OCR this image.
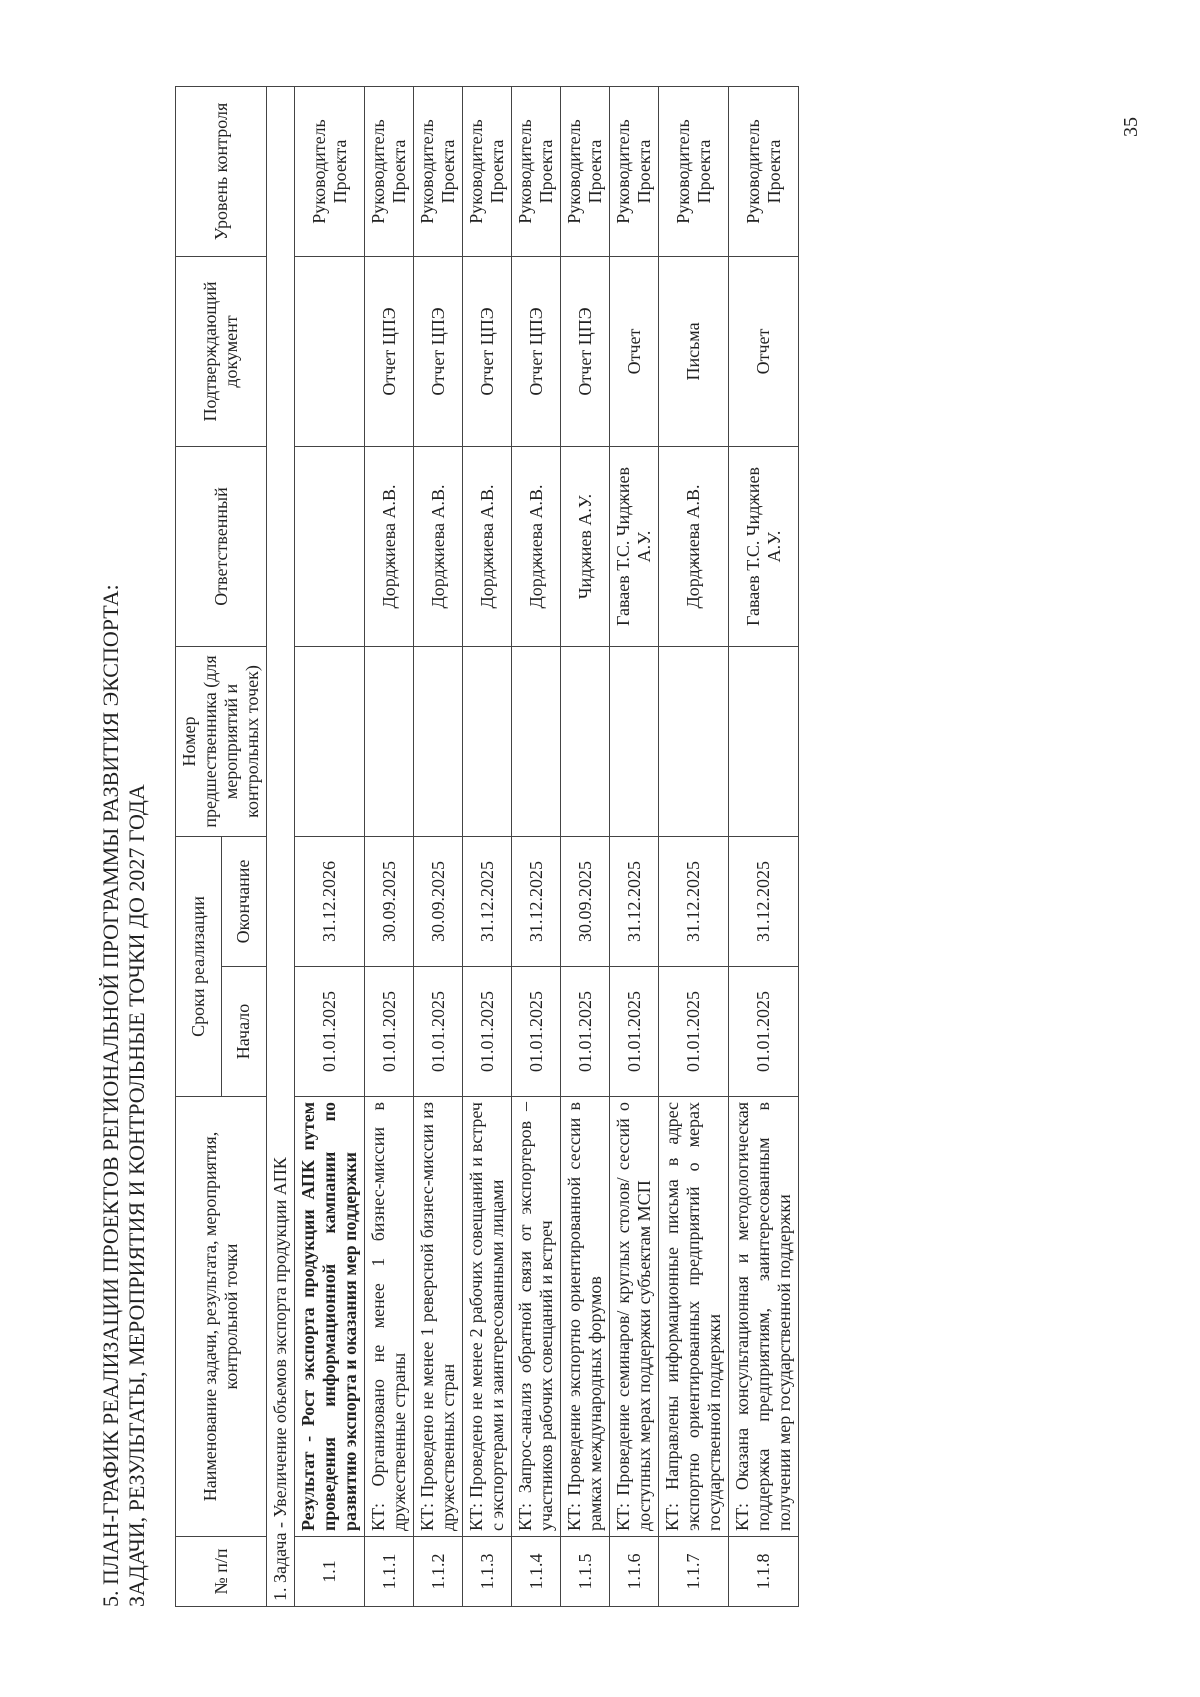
5. ПЛАН-ГРАФИК РЕАЛИЗАЦИИ ПРОЕКТОВ РЕГИОНАЛЬНОЙ ПРОГРАММЫ РАЗВИТИЯ ЭКСПОРТА: ЗАДАЧИ, РЕЗУЛЬТАТЫ, МЕРОПРИЯТИЯ И КОНТРОЛЬНЫЕ ТОЧКИ ДО 2027 ГОДА	№ п/п	Наименование задачи, результата, мероприятия, контрольной точки	Сроки реализации		Номер предшественника (для мероприятий и контрольных точек)	Ответственный	Подтверждающий документ	Уровень контроля
		Начало	Окончание				
1. Задача - Увеличение объемов экспорта продукции АПК							
1.1	Результат - Рост экспорта продукции АПК путем проведения информационной кампании по развитию экспорта и оказания мер поддержки	01.01.2025	31.12.2026				Руководитель Проекта
1.1.1	КТ: Организовано не менее 1 бизнес-миссии в дружественные страны	01.01.2025	30.09.2025		Дорджиева А.В.	Отчет ЦПЭ	Руководитель Проекта
1.1.2	КТ: Проведено не менее 1 реверсной бизнес-миссии из дружественных стран	01.01.2025	30.09.2025		Дорджиева А.В.	Отчет ЦПЭ	Руководитель Проекта
1.1.3	КТ: Проведено не менее 2 рабочих совещаний и встреч с экспортерами и заинтересованными лицами	01.01.2025	31.12.2025		Дорджиева А.В.	Отчет ЦПЭ	Руководитель Проекта
1.1.4	КТ: Запрос-анализ обратной связи от экспортеров – участников рабочих совещаний и встреч	01.01.2025	31.12.2025		Дорджиева А.В.	Отчет ЦПЭ	Руководитель Проекта
1.1.5	КТ: Проведение экспортно ориентированной сессии в рамках международных форумов	01.01.2025	30.09.2025		Чиджиев А.У.	Отчет ЦПЭ	Руководитель Проекта
1.1.6	КТ: Проведение семинаров/ круглых столов/ сессий о доступных мерах поддержки субъектам МСП	01.01.2025	31.12.2025		Гаваев Т.С. Чиджиев А.У.	Отчет	Руководитель Проекта
1.1.7	КТ: Направлены информационные письма в адрес экспортно ориентированных предприятий о мерах государственной поддержки	01.01.2025	31.12.2025		Дорджиева А.В.	Письма	Руководитель Проекта
1.1.8	КТ: Оказана консультационная и методологическая поддержка предприятиям, заинтересованным в получении мер государственной поддержки	01.01.2025	31.12.2025		Гаваев Т.С. Чиджиев А.У.	Отчет	Руководитель Проекта
35
